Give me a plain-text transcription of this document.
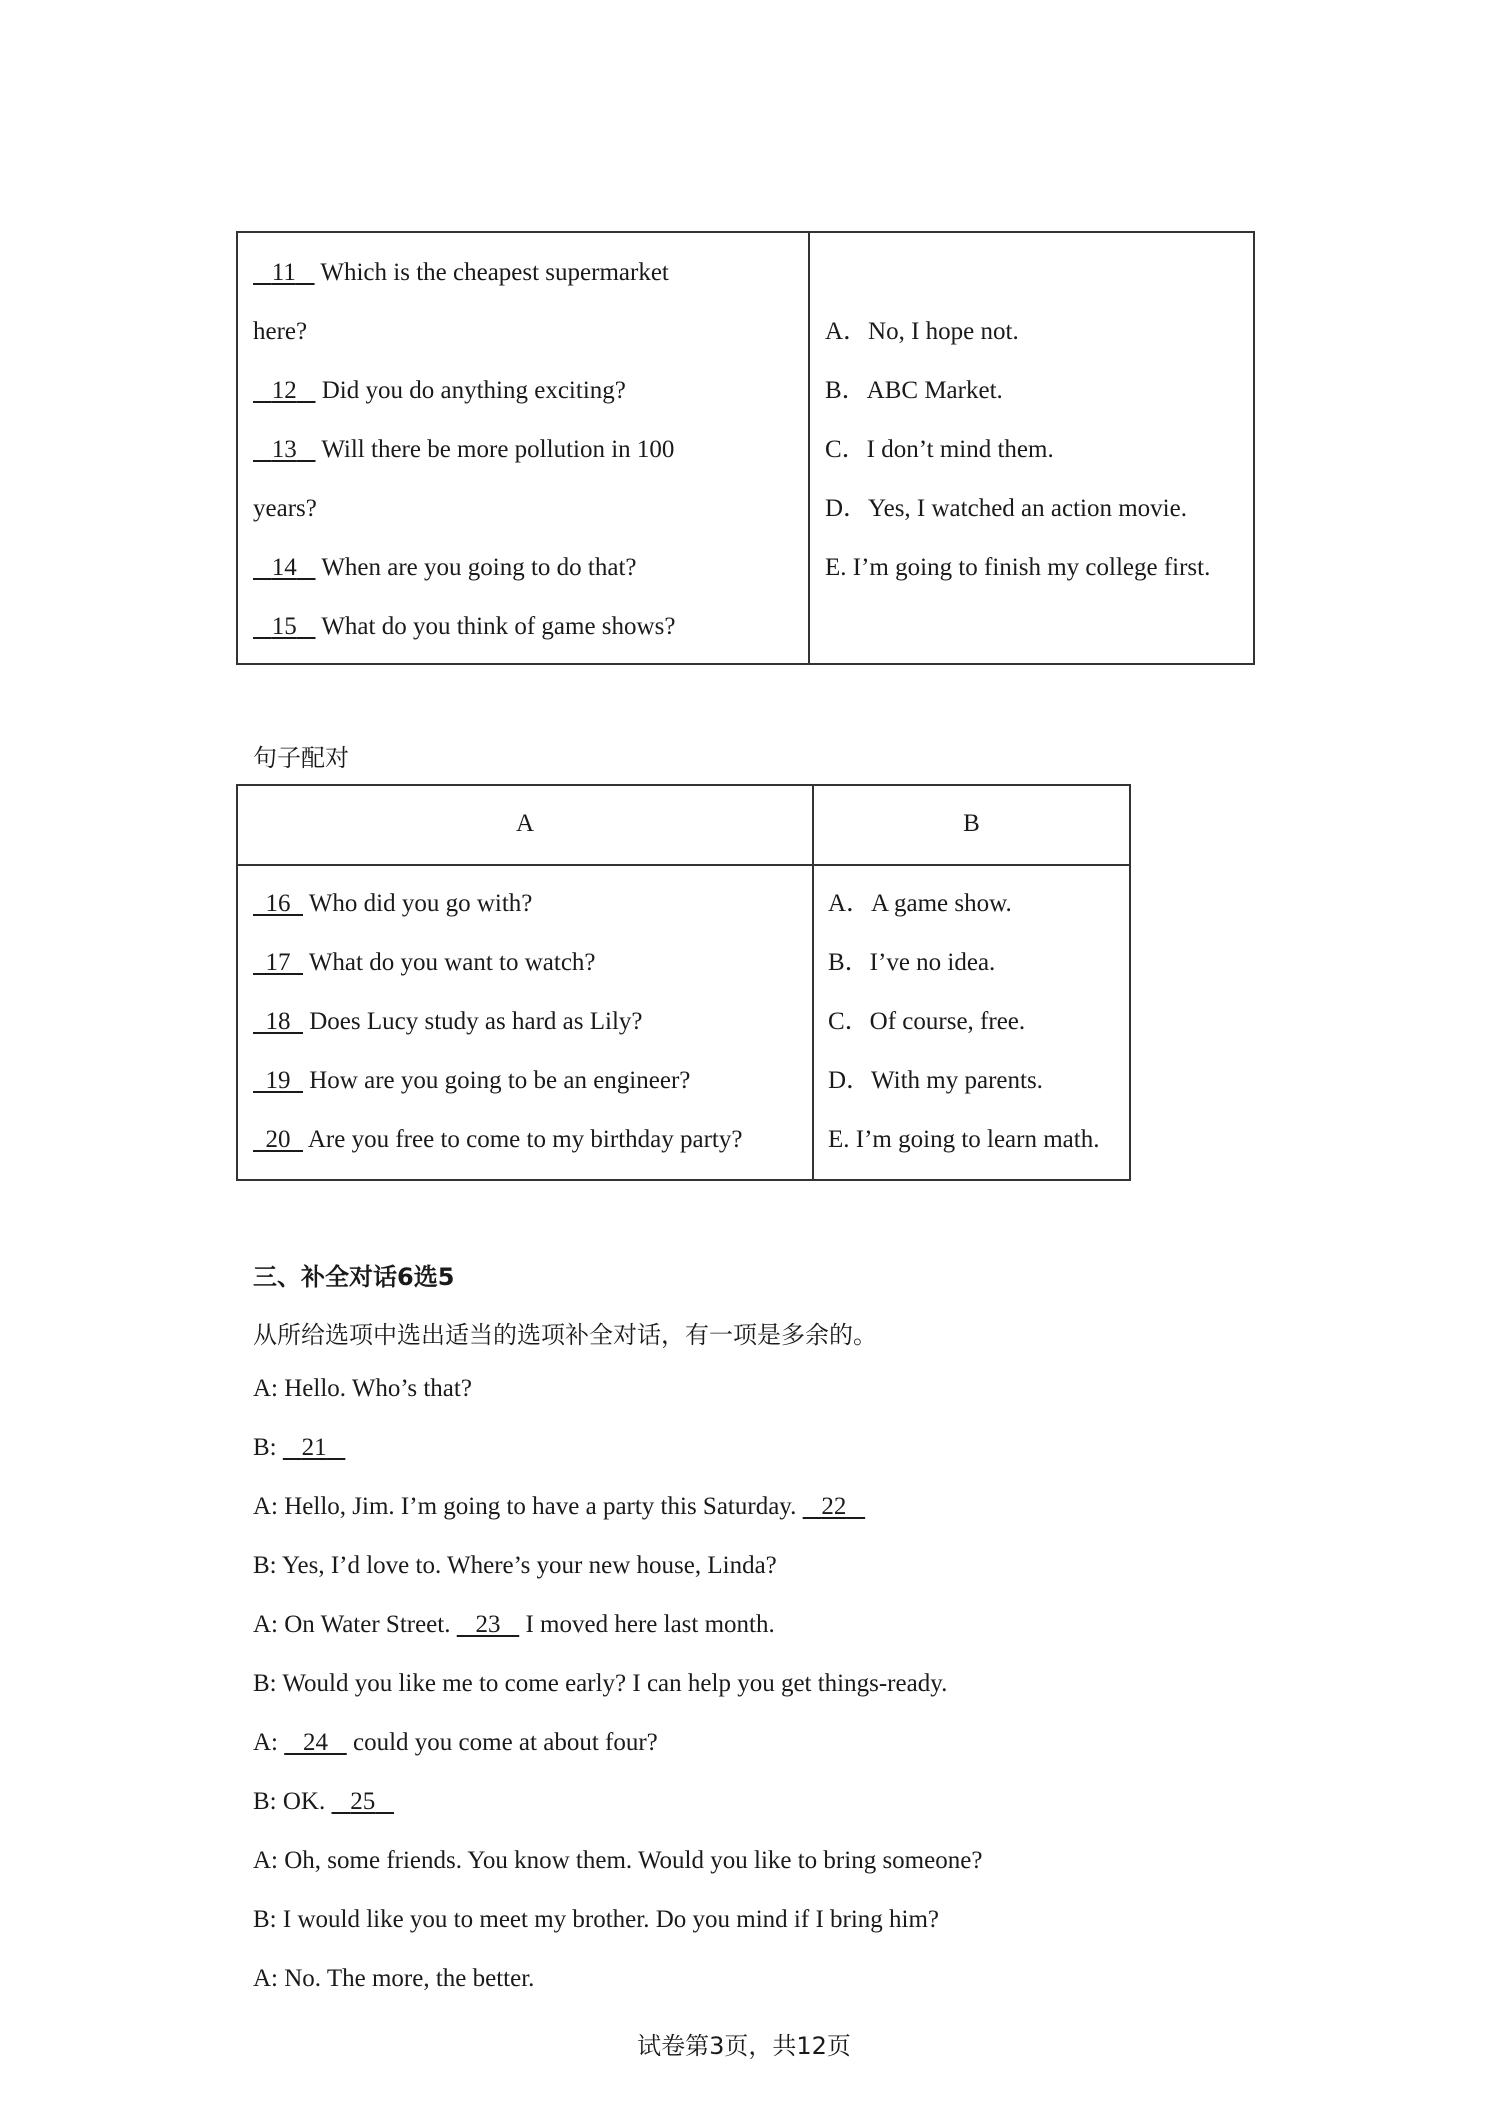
11 Which is the cheapest supermarket
here?
12 Did you do anything exciting?
13 Will there be more pollution in 100
years?
14 When are you going to do that?
15 What do you think of game shows?
A．No, I hope not.
B．ABC Market.
C．I don’t mind them.
D．Yes, I watched an action movie.
E. I’m going to finish my college first.
句子配对
A	B
16 Who did you go with?
17 What do you want to watch?
18 Does Lucy study as hard as Lily?
19 How are you going to be an engineer?
20 Are you free to come to my birthday party?
A．A game show.
B．I’ve no idea.
C．Of course, free.
D．With my parents.
E. I’m going to learn math.
三、补全对话6选5
从所给选项中选出适当的选项补全对话，有一项是多余的。
A: Hello. Who’s that?
B:    21
A: Hello, Jim. I’m going to have a party this Saturday.    22
B: Yes, I’d love to. Where’s your new house, Linda?
A: On Water Street.    23    I moved here last month.
B: Would you like me to come early? I can help you get things-ready.
A:    24    could you come at about four?
B: OK.    25
A: Oh, some friends. You know them. Would you like to bring someone?
B: I would like you to meet my brother. Do you mind if I bring him?
A: No. The more, the better.
试卷第3页，共12页
